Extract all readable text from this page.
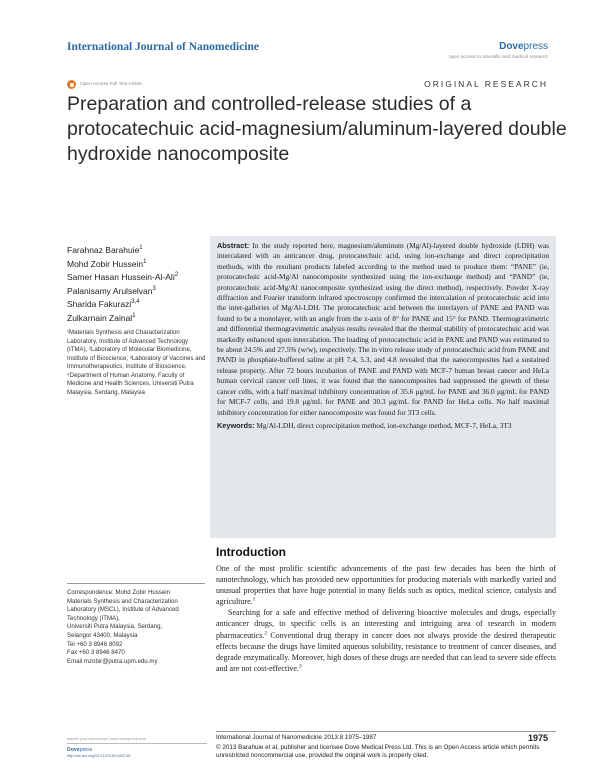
International Journal of Nanomedicine	Dovepress
open access to scientific and medical research
Open Access Full Text Article	ORIGINAL RESEARCH
Preparation and controlled-release studies of a protocatechuic acid-magnesium/aluminum-layered double hydroxide nanocomposite
Farahnaz Barahuie$^1$
Mohd Zobir Hussein$^1$
Samer Hasan Hussein-Al-Ali$^2$
Palanisamy Arulselvan$^3$
Sharida Fakurazi$^{3,4}$
Zulkarnain Zainal$^1$
¹Materials Synthesis and Characterization Laboratory, Institute of Advanced Technology (ITMA), ²Laboratory of Molecular Biomedicine, Institute of Bioscience, ³Laboratory of Vaccines and Immunotherapeutics, Institute of Bioscience, ⁴Department of Human Anatomy, Faculty of Medicine and Health Sciences, Universiti Putra Malaysia, Serdang, Malaysia
Correspondence: Mohd Zobir Hussein
Materials Synthesis and Characterization
Laboratory (MSCL), Institute of Advanced
Technology (ITMA),
Universiti Putra Malaysia, Serdang,
Selangor 43400, Malaysia
Tel +60 3 8946 8092
Fax +60 3 8946 8470
Email mzobir@putra.upm.edu.my

Abstract: In the study reported here, magnesium/aluminum (Mg/Al)-layered double hydroxide (LDH) was intercalated with an anticancer drug, protocatechuic acid, using ion-exchange and direct coprecipitation methods, with the resultant products labeled according to the method used to produce them: “PANE” (ie, protocatechuic acid-Mg/Al nanocomposite synthesized using the ion-exchange method) and “PAND” (ie, protocatechuic acid-Mg/Al nanocomposite synthesized using the direct method), respectively. Powder X-ray diffraction and Fourier transform infrared spectroscopy confirmed the intercalation of protocatechuic acid into the inter-galleries of Mg/Al-LDH. The protocatechuic acid between the interlayers of PANE and PAND was found to be a monolayer, with an angle from the z-axis of 8° for PANE and 15° for PAND. Thermogravimetric and differential thermogravimetric analysis results revealed that the thermal stability of protocatechuic acid was markedly enhanced upon intercalation. The loading of protocatechuic acid in PANE and PAND was estimated to be about 24.5% and 27.5% (w/w), respectively. The in vitro release study of protocatechuic acid from PANE and PAND in phosphate-buffered saline at pH 7.4, 5.3, and 4.8 revealed that the nanocomposites had a sustained release property. After 72 hours incubation of PANE and PAND with MCF-7 human breast cancer and HeLa human cervical cancer cell lines, it was found that the nanocomposites had suppressed the growth of these cancer cells, with a half maximal inhibitory concentration of 35.6 μg/mL for PANE and 36.0 μg/mL for PAND for MCF-7 cells, and 19.8 μg/mL for PANE and 30.3 μg/mL for PAND for HeLa cells. No half maximal inhibitory concentration for either nanocomposite was found for 3T3 cells.

Keywords: Mg/Al-LDH, direct coprecipitation method, ion-exchange method, MCF-7, HeLa, 3T3

Introduction

One of the most prolific scientific advancements of the past few decades has been the birth of nanotechnology, which has provided new opportunities for producing materials with markedly varied and unusual properties that have huge potential in many fields such as optics, medical science, catalysis and agriculture.$^1$

Searching for a safe and effective method of delivering bioactive molecules and drugs, especially anticancer drugs, to specific cells is an interesting and intriguing area of research in modern pharmaceutics.$^2$ Conventional drug therapy in cancer does not always provide the desired therapeutic effects because the drugs have limited aqueous solubility, resistance to treatment of cancer diseases, and degrade enzymatically. Moreover, high doses of these drugs are needed that can lead to severe side effects and are not cost-effective.$^3$

submit your manuscript | www.dovepress.com
Dovepress
http://dx.doi.org/10.2147/IJN.S42718
International Journal of Nanomedicine 2013:8 1975–1987	1975
© 2013 Barahuie et al, publisher and licensee Dove Medical Press Ltd. This is an Open Access article which permits unrestricted noncommercial use, provided the original work is properly cited.
